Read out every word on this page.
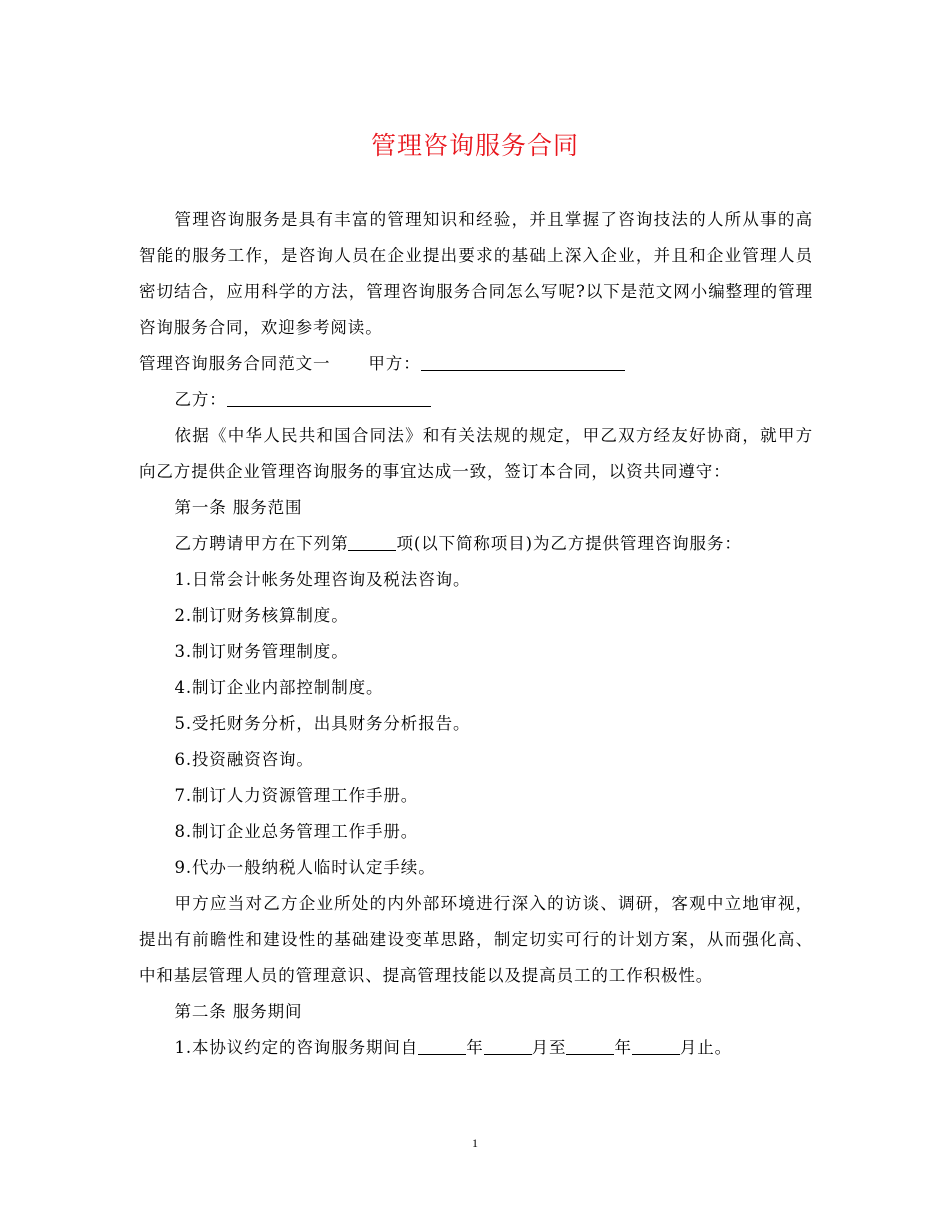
管理咨询服务合同

管理咨询服务是具有丰富的管理知识和经验，并且掌握了咨询技法的人所从事的高智能的服务工作，是咨询人员在企业提出要求的基础上深入企业，并且和企业管理人员密切结合，应用科学的方法，管理咨询服务合同怎么写呢?以下是范文网小编整理的管理咨询服务合同，欢迎参考阅读。

管理咨询服务合同范文一 甲方：

乙方：

依据《中华人民共和国合同法》和有关法规的规定，甲乙双方经友好协商，就甲方向乙方提供企业管理咨询服务的事宜达成一致，签订本合同，以资共同遵守：

第一条 服务范围

乙方聘请甲方在下列第	项(以下简称项目)为乙方提供管理咨询服务：

1.日常会计帐务处理咨询及税法咨询。

2.制订财务核算制度。

3.制订财务管理制度。

4.制订企业内部控制制度。

5.受托财务分析，出具财务分析报告。

6.投资融资咨询。

7.制订人力资源管理工作手册。

8.制订企业总务管理工作手册。

9.代办一般纳税人临时认定手续。

甲方应当对乙方企业所处的内外部环境进行深入的访谈、调研，客观中立地审视，提出有前瞻性和建设性的基础建设变革思路，制定切实可行的计划方案，从而强化高、中和基层管理人员的管理意识、提高管理技能以及提高员工的工作积极性。

第二条 服务期间

1.本协议约定的咨询服务期间自	年	月至	年	月止。

1
